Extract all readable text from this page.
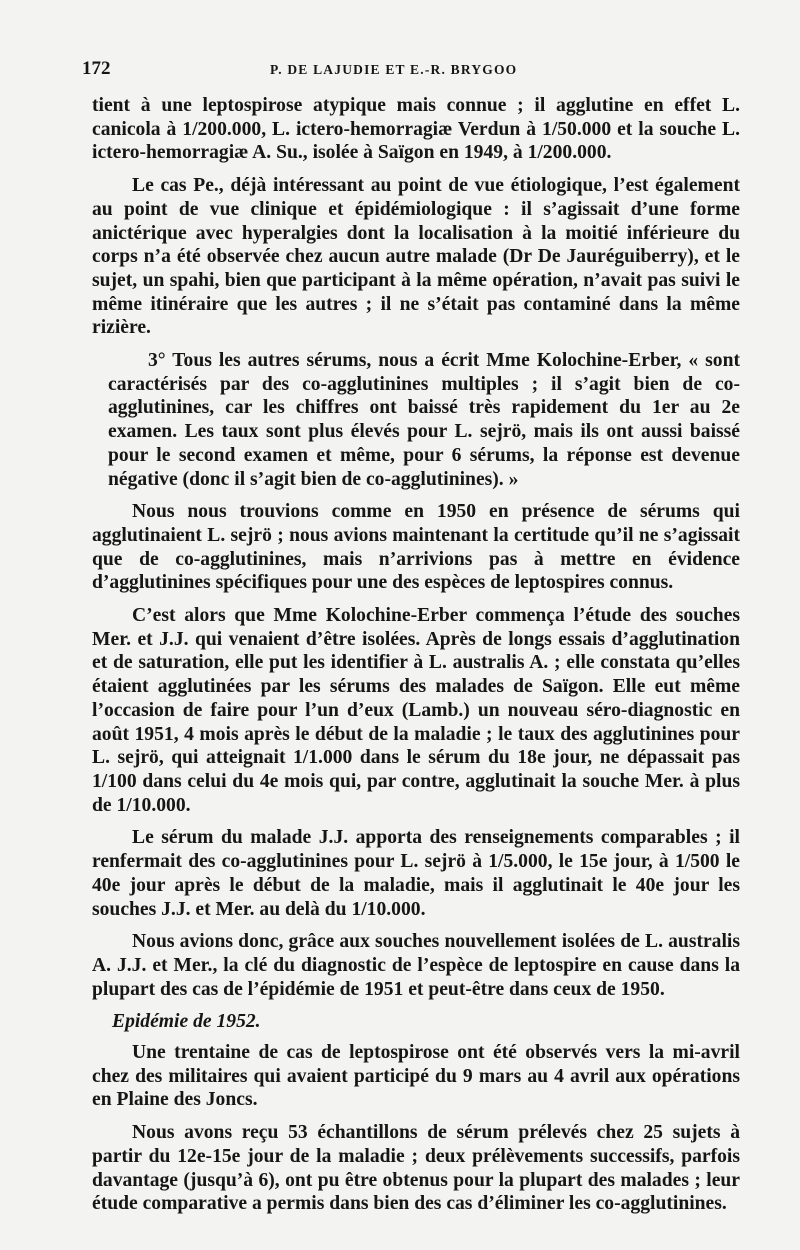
172	P. DE LAJUDIE ET E.-R. BRYGOO

tient à une leptospirose atypique mais connue ; il agglutine en effet L. canicola à 1/200.000, L. ictero-hemorragiæ Verdun à 1/50.000 et la souche L. ictero-hemorragiæ A. Su., isolée à Saïgon en 1949, à 1/200.000.

Le cas Pe., déjà intéressant au point de vue étiologique, l’est également au point de vue clinique et épidémiologique : il s’agissait d’une forme anictérique avec hyperalgies dont la localisation à la moitié inférieure du corps n’a été observée chez aucun autre malade (Dr De Jauréguiberry), et le sujet, un spahi, bien que participant à la même opération, n’avait pas suivi le même itinéraire que les autres ; il ne s’était pas contaminé dans la même rizière.

3° Tous les autres sérums, nous a écrit Mme Kolochine-Erber, « sont caractérisés par des co-agglutinines multiples ; il s’agit bien de co-agglutinines, car les chiffres ont baissé très rapidement du 1er au 2e examen. Les taux sont plus élevés pour L. sejrö, mais ils ont aussi baissé pour le second examen et même, pour 6 sérums, la réponse est devenue négative (donc il s’agit bien de co-agglutinines). »

Nous nous trouvions comme en 1950 en présence de sérums qui agglutinaient L. sejrö ; nous avions maintenant la certitude qu’il ne s’agissait que de co-agglutinines, mais n’arrivions pas à mettre en évidence d’agglutinines spécifiques pour une des espèces de leptospires connus.

C’est alors que Mme Kolochine-Erber commença l’étude des souches Mer. et J.J. qui venaient d’être isolées. Après de longs essais d’agglutination et de saturation, elle put les identifier à L. australis A. ; elle constata qu’elles étaient agglutinées par les sérums des malades de Saïgon. Elle eut même l’occasion de faire pour l’un d’eux (Lamb.) un nouveau séro-diagnostic en août 1951, 4 mois après le début de la maladie ; le taux des agglutinines pour L. sejrö, qui atteignait 1/1.000 dans le sérum du 18e jour, ne dépassait pas 1/100 dans celui du 4e mois qui, par contre, agglutinait la souche Mer. à plus de 1/10.000.

Le sérum du malade J.J. apporta des renseignements comparables ; il renfermait des co-agglutinines pour L. sejrö à 1/5.000, le 15e jour, à 1/500 le 40e jour après le début de la maladie, mais il agglutinait le 40e jour les souches J.J. et Mer. au delà du 1/10.000.

Nous avions donc, grâce aux souches nouvellement isolées de L. australis A. J.J. et Mer., la clé du diagnostic de l’espèce de leptospire en cause dans la plupart des cas de l’épidémie de 1951 et peut-être dans ceux de 1950.

Epidémie de 1952.

Une trentaine de cas de leptospirose ont été observés vers la mi-avril chez des militaires qui avaient participé du 9 mars au 4 avril aux opérations en Plaine des Joncs.

Nous avons reçu 53 échantillons de sérum prélevés chez 25 sujets à partir du 12e-15e jour de la maladie ; deux prélèvements successifs, parfois davantage (jusqu’à 6), ont pu être obtenus pour la plupart des malades ; leur étude comparative a permis dans bien des cas d’éliminer les co-agglutinines.
